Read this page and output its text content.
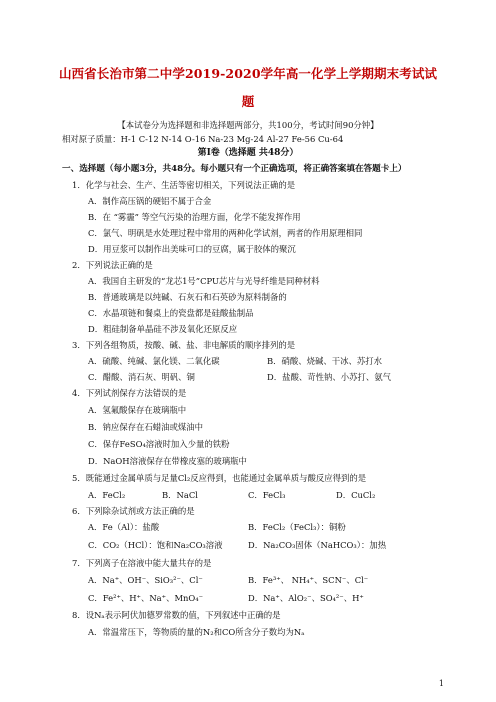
山西省长治市第二中学2019-2020学年高一化学上学期期末考试试
题
【本试卷分为选择题和非选择题两部分，共100分，考试时间90分钟】
相对原子质量：H-1 C-12 N-14 O-16 Na-23 Mg-24 Al-27 Fe-56 Cu-64
第Ⅰ卷（选择题 共48分）
一、选择题（每小题3分，共48分。每小题只有一个正确选项，将正确答案填在答题卡上）
1．化学与社会、生产、生活等密切相关，下列说法正确的是
A．制作高压锅的硬铝不属于合金
B．在 “雾霾” 等空气污染的治理方面，化学不能发挥作用
C．氯气、明矾是水处理过程中常用的两种化学试剂，两者的作用原理相同
D．用豆浆可以制作出美味可口的豆腐，属于胶体的聚沉
2．下列说法正确的是
A．我国自主研发的“龙芯1号”CPU芯片与光导纤维是同种材料
B．普通玻璃是以纯碱、石灰石和石英砂为原料制备的
C．水晶项链和餐桌上的瓷盘都是硅酸盐制品
D．粗硅制备单晶硅不涉及氧化还原反应
3．下列各组物质，按酸、碱、盐、非电解质的顺序排列的是
A．硫酸、纯碱、氯化镁、二氧化碳	B．硝酸、烧碱、干冰、苏打水
C．醋酸、消石灰、明矾、铜	D．盐酸、苛性钠、小苏打、氨气
4．下列试剂保存方法错误的是
A．氢氟酸保存在玻璃瓶中
B．钠应保存在石蜡油或煤油中
C．保存FeSO₄溶液时加入少量的铁粉
D．NaOH溶液保存在带橡皮塞的玻璃瓶中
5．既能通过金属单质与足量Cl₂反应得到，也能通过金属单质与酸反应得到的是
A．FeCl₂	B．NaCl	C．FeCl₃	D．CuCl₂
6．下列除杂试剂或方法正确的是
A．Fe（Al）：盐酸	B．FeCl₂（FeCl₃）：铜粉
C．CO₂（HCl）：饱和Na₂CO₃溶液	D．Na₂CO₃固体（NaHCO₃）：加热
7．下列离子在溶液中能大量共存的是
A．Na⁺、OH⁻、SiO₃²⁻、Cl⁻	B．Fe³⁺、 NH₄⁺、SCN⁻、Cl⁻
C．Fe²⁺、H⁺、Na⁺、MnO₄⁻	D．Na⁺、AlO₂⁻、SO₄²⁻、H⁺
8．设Nₐ表示阿伏加德罗常数的值，下列叙述中正确的是
A．常温常压下，等物质的量的N₂和CO所含分子数均为Nₐ
1
